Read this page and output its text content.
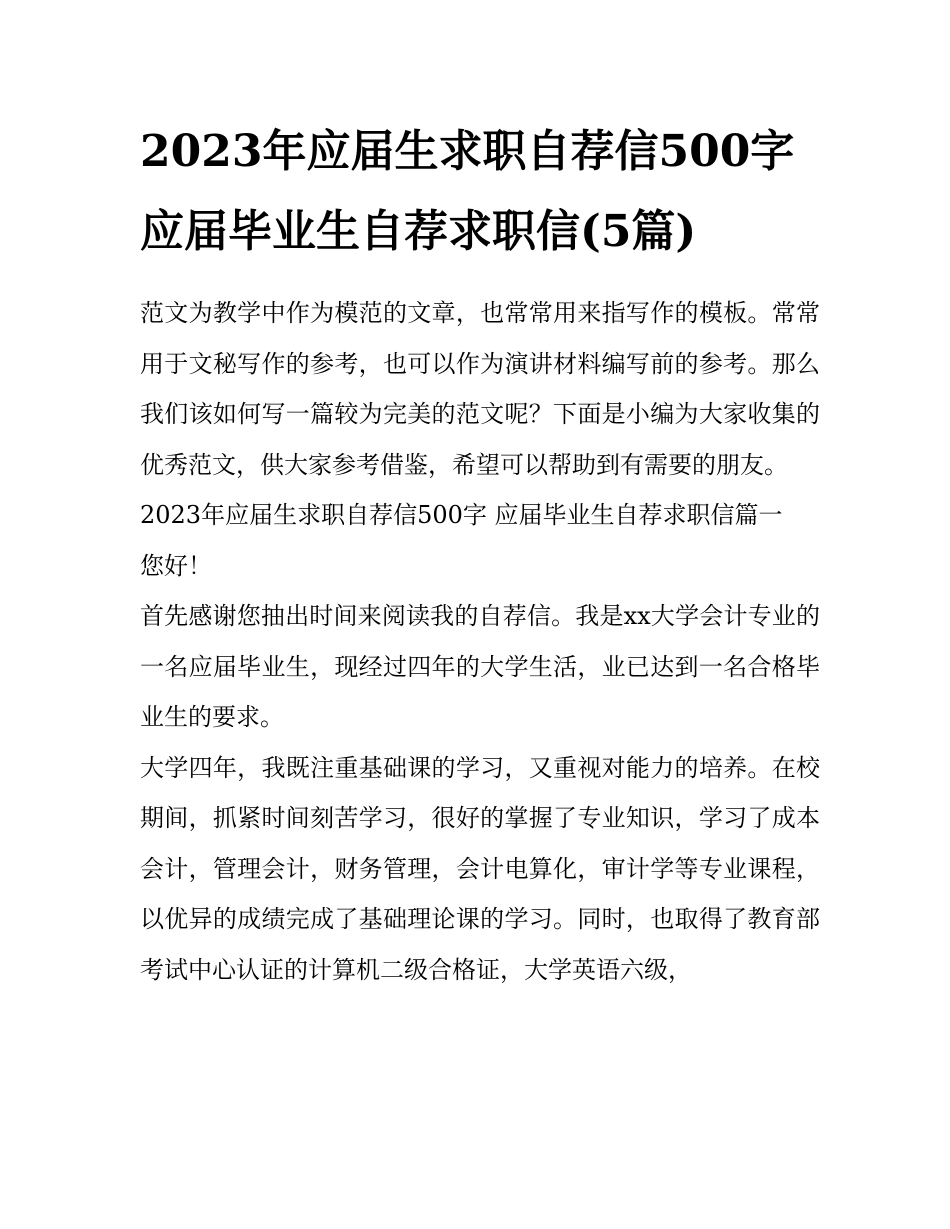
2023年应届生求职自荐信500字 应届毕业生自荐求职信(5篇)

范文为教学中作为模范的文章，也常常用来指写作的模板。常常用于文秘写作的参考，也可以作为演讲材料编写前的参考。那么我们该如何写一篇较为完美的范文呢？下面是小编为大家收集的优秀范文，供大家参考借鉴，希望可以帮助到有需要的朋友。

2023年应届生求职自荐信500字 应届毕业生自荐求职信篇一

您好！

首先感谢您抽出时间来阅读我的自荐信。我是xx大学会计专业的一名应届毕业生，现经过四年的大学生活，业已达到一名合格毕业生的要求。

大学四年，我既注重基础课的学习，又重视对能力的培养。在校期间，抓紧时间刻苦学习，很好的掌握了专业知识，学习了成本会计，管理会计，财务管理，会计电算化，审计学等专业课程，以优异的成绩完成了基础理论课的学习。同时，也取得了教育部考试中心认证的计算机二级合格证，大学英语六级，
